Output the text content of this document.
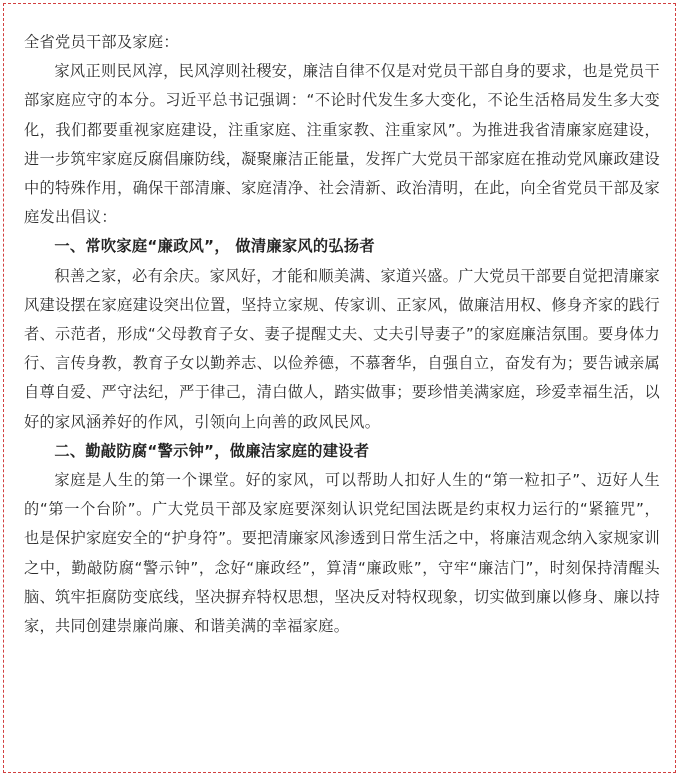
全省党员干部及家庭：

家风正则民风淳，民风淳则社稷安，廉洁自律不仅是对党员干部自身的要求，也是党员干部家庭应守的本分。习近平总书记强调：“不论时代发生多大变化，不论生活格局发生多大变化，我们都要重视家庭建设，注重家庭、注重家教、注重家风”。为推进我省清廉家庭建设，进一步筑牢家庭反腐倡廉防线，凝聚廉洁正能量，发挥广大党员干部家庭在推动党风廉政建设中的特殊作用，确保干部清廉、家庭清净、社会清新、政治清明，在此，向全省党员干部及家庭发出倡议：

一、常吹家庭“廉政风”， 做清廉家风的弘扬者

积善之家，必有余庆。家风好，才能和顺美满、家道兴盛。广大党员干部要自觉把清廉家风建设摆在家庭建设突出位置，坚持立家规、传家训、正家风，做廉洁用权、修身齐家的践行者、示范者，形成“父母教育子女、妻子提醒丈夫、丈夫引导妻子”的家庭廉洁氛围。要身体力行、言传身教，教育子女以勤养志、以俭养德，不慕奢华，自强自立，奋发有为；要告诫亲属自尊自爱、严守法纪，严于律己，清白做人，踏实做事；要珍惜美满家庭，珍爱幸福生活，以好的家风涵养好的作风，引领向上向善的政风民风。

二、勤敲防腐“警示钟”，做廉洁家庭的建设者

家庭是人生的第一个课堂。好的家风，可以帮助人扣好人生的“第一粒扣子”、迈好人生的“第一个台阶”。广大党员干部及家庭要深刻认识党纪国法既是约束权力运行的“紧箍咒”，也是保护家庭安全的“护身符”。要把清廉家风渗透到日常生活之中，将廉洁观念纳入家规家训之中，勤敲防腐“警示钟”，念好“廉政经”，算清“廉政账”，守牢“廉洁门”，时刻保持清醒头脑、筑牢拒腐防变底线，坚决摒弃特权思想，坚决反对特权现象，切实做到廉以修身、廉以持家，共同创建崇廉尚廉、和谐美满的幸福家庭。
